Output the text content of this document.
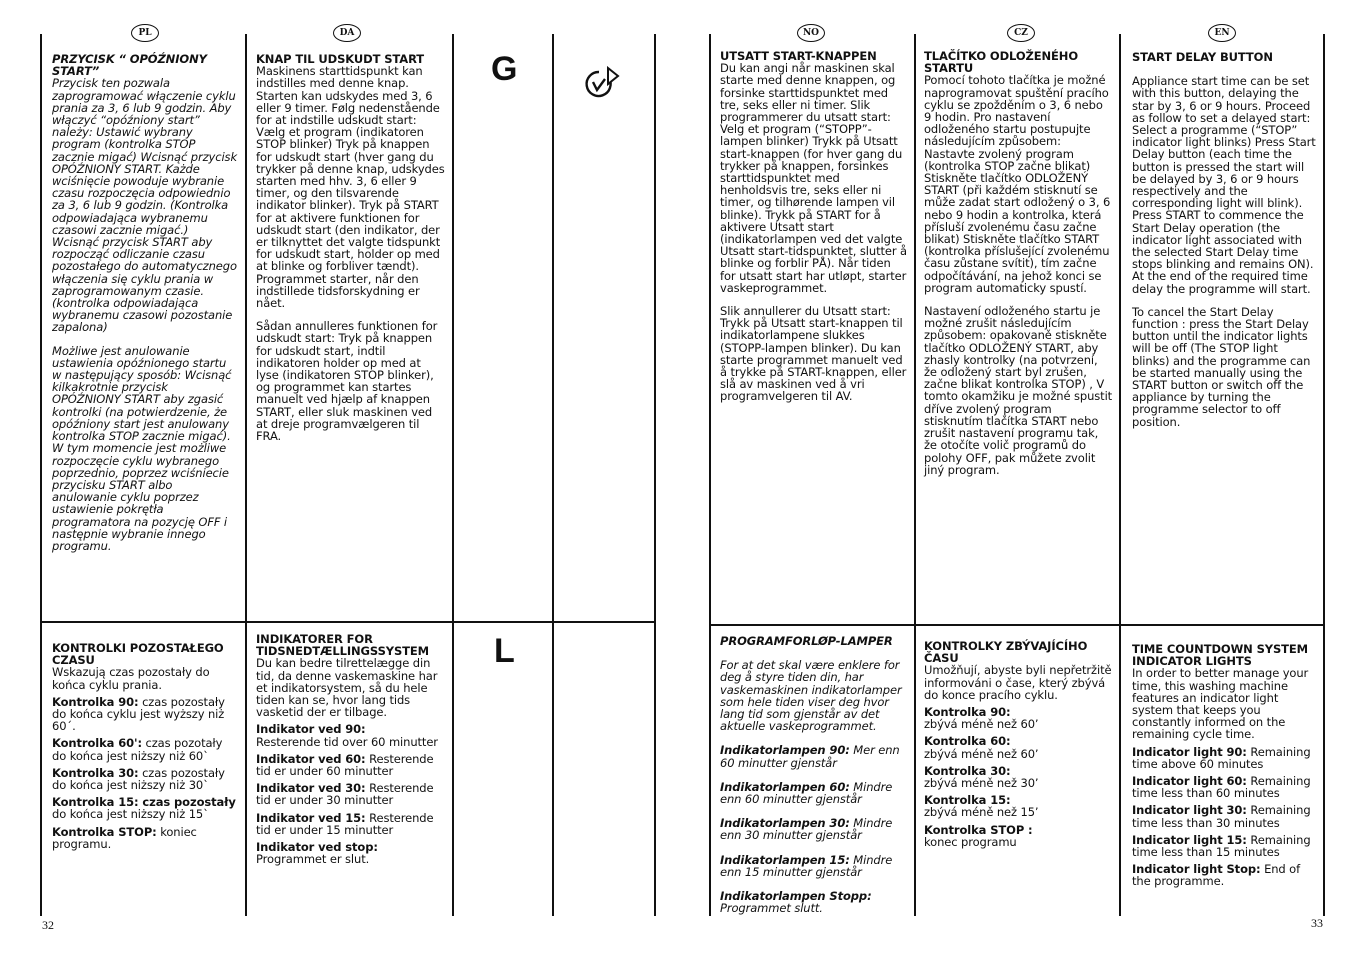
PL	DA	NO	CZ	EN
G
L

PRZYCISK “ OPÓŹNIONY START”

Przycisk ten pozwala zaprogramować włączenie cyklu prania za 3, 6 lub 9 godzin. Aby włączyć “opóźniony start” należy: Ustawić wybrany program (kontrolka STOP zacznie migać) Wcisnąć przycisk OPÓŹNIONY START. Każde wciśnięcie powoduje wybranie czasu rozpoczęcia odpowiednio za 3, 6 lub 9 godzin. (Kontrolka odpowiadająca wybranemu czasowi zacznie migać.) Wcisnąć przycisk START aby rozpocząć odliczanie czasu pozostałego do automatycznego włączenia się cyklu prania w zaprogramowanym czasie. (kontrolka odpowiadająca wybranemu czasowi pozostanie zapalona)

Możliwe jest anulowanie ustawienia opóźnionego startu w następujący sposób: Wcisnąć kilkakrotnie przycisk OPÓŹNIONY START aby zgasić kontrolki (na potwierdzenie, że opóźniony start jest anulowany kontrolka STOP zacznie migać). W tym momencie jest możliwe rozpoczęcie cyklu wybranego poprzednio, poprzez wciśniecie przycisku START albo anulowanie cyklu poprzez ustawienie pokrętła programatora na pozycję OFF i następnie wybranie innego programu.

KNAP TIL UDSKUDT START

Maskinens starttidspunkt kan indstilles med denne knap. Starten kan udskydes med 3, 6 eller 9 timer. Følg nedenstående for at indstille udskudt start: Vælg et program (indikatoren STOP blinker) Tryk på knappen for udskudt start (hver gang du trykker på denne knap, udskydes starten med hhv. 3, 6 eller 9 timer, og den tilsvarende indikator blinker). Tryk på START for at aktivere funktionen for udskudt start (den indikator, der er tilknyttet det valgte tidspunkt for udskudt start, holder op med at blinke og forbliver tændt). Programmet starter, når den indstillede tidsforskydning er nået.

Sådan annulleres funktionen for udskudt start: Tryk på knappen for udskudt start, indtil indikatoren holder op med at lyse (indikatoren STOP blinker), og programmet kan startes manuelt ved hjælp af knappen START, eller sluk maskinen ved at dreje programvælgeren til FRA.

UTSATT START-KNAPPEN

Du kan angi når maskinen skal starte med denne knappen, og forsinke starttidspunktet med tre, seks eller ni timer. Slik programmerer du utsatt start: Velg et program (“STOPP”-lampen blinker) Trykk på Utsatt start-knappen (for hver gang du trykker på knappen, forsinkes starttidspunktet med henholdsvis tre, seks eller ni timer, og tilhørende lampen vil blinke). Trykk på START for å aktivere Utsatt start (indikatorlampen ved det valgte Utsatt start-tidspunktet, slutter å blinke og forblir PÅ). Når tiden for utsatt start har utløpt, starter vaskeprogrammet.

Slik annullerer du Utsatt start: Trykk på Utsatt start-knappen til indikatorlampene slukkes (STOPP-lampen blinker). Du kan starte programmet manuelt ved å trykke på START-knappen, eller slå av maskinen ved å vri programvelgeren til AV.

TLAČÍTKO ODLOŽENÉHO STARTU

Pomocí tohoto tlačítka je možné naprogramovat spuštění pracího cyklu se zpožděním o 3, 6 nebo 9 hodin. Pro nastavení odloženého startu postupujte následujícím způsobem: Nastavte zvolený program (kontrolka STOP začne blikat) Stiskněte tlačítko ODLOŽENÝ START (při každém stisknutí se může zadat start odložený o 3, 6 nebo 9 hodin a kontrolka, která přísluší zvolenému času začne blikat) Stiskněte tlačítko START (kontrolka příslušející zvolenému času zůstane svítit), tím začne odpočítávání, na jehož konci se program automaticky spustí.

Nastavení odloženého startu je možné zrušit následujícím způsobem: opakovaně stiskněte tlačítko ODLOŽENÝ START, aby zhasly kontrolky (na potvrzení, že odložený start byl zrušen, začne blikat kontrolka STOP) , V tomto okamžiku je možné spustit dříve zvolený program stisknutím tlačítka START nebo zrušit nastavení programu tak, že otočíte volič programů do polohy OFF, pak můžete zvolit jiný program.

START DELAY BUTTON

Appliance start time can be set with this button, delaying the star by 3, 6 or 9 hours. Proceed as follow to set a delayed start: Select a programme (“STOP” indicator light blinks) Press Start Delay button (each time the button is pressed the start will be delayed by 3, 6 or 9 hours respectively and the corresponding light will blink). Press START to commence the Start Delay operation (the indicator light associated with the selected Start Delay time stops blinking and remains ON). At the end of the required time delay the programme will start.

To cancel the Start Delay function : press the Start Delay button until the indicator lights will be off (The STOP light blinks) and the programme can be started manually using the START button or switch off the appliance by turning the programme selector to off position.

KONTROLKI POZOSTAŁEGO CZASU

Wskazują czas pozostały do końca cyklu prania.

Kontrolka 90: czas pozostały do końca cyklu jest wyższy niż 60´.

Kontrolka 60': czas pozotały do końca jest niższy niż 60`

Kontrolka 30: czas pozostały do końca jest niższy niż 30`

Kontrolka 15: czas pozostały do końca jest niższy niż 15`

Kontrolka STOP: koniec programu.

INDIKATORER FOR TIDSNEDTÆLLINGSSYSTEM

Du kan bedre tilrettelægge din tid, da denne vaskemaskine har et indikatorsystem, så du hele tiden kan se, hvor lang tids vasketid der er tilbage.

Indikator ved 90:
Resterende tid over 60 minutter

Indikator ved 60: Resterende tid er under 60 minutter

Indikator ved 30: Resterende tid er under 30 minutter

Indikator ved 15: Resterende tid er under 15 minutter

Indikator ved stop:
Programmet er slut.

PROGRAMFORLØP-LAMPER

For at det skal være enklere for deg å styre tiden din, har vaskemaskinen indikatorlamper som hele tiden viser deg hvor lang tid som gjenstår av det aktuelle vaskeprogrammet.

Indikatorlampen 90: Mer enn 60 minutter gjenstår

Indikatorlampen 60: Mindre enn 60 minutter gjenstår

Indikatorlampen 30: Mindre enn 30 minutter gjenstår

Indikatorlampen 15: Mindre enn 15 minutter gjenstår

Indikatorlampen Stopp:
Programmet slutt.

KONTROLKY ZBÝVAJÍCÍHO ČASU

Umožňují, abyste byli nepřetržitě informováni o čase, který zbývá do konce pracího cyklu.

Kontrolka 90:
zbývá méně než 60’

Kontrolka 60:
zbývá méně než 60’

Kontrolka 30:
zbývá méně než 30’

Kontrolka 15:
zbývá méně než 15’

Kontrolka STOP :
konec programu

TIME COUNTDOWN SYSTEM INDICATOR LIGHTS

In order to better manage your time, this washing machine features an indicator light system that keeps you constantly informed on the remaining cycle time.

Indicator light 90: Remaining time above 60 minutes

Indicator light 60: Remaining time less than 60 minutes

Indicator light 30: Remaining time less than 30 minutes

Indicator light 15: Remaining time less than 15 minutes

Indicator light Stop: End of the programme.

32	33
